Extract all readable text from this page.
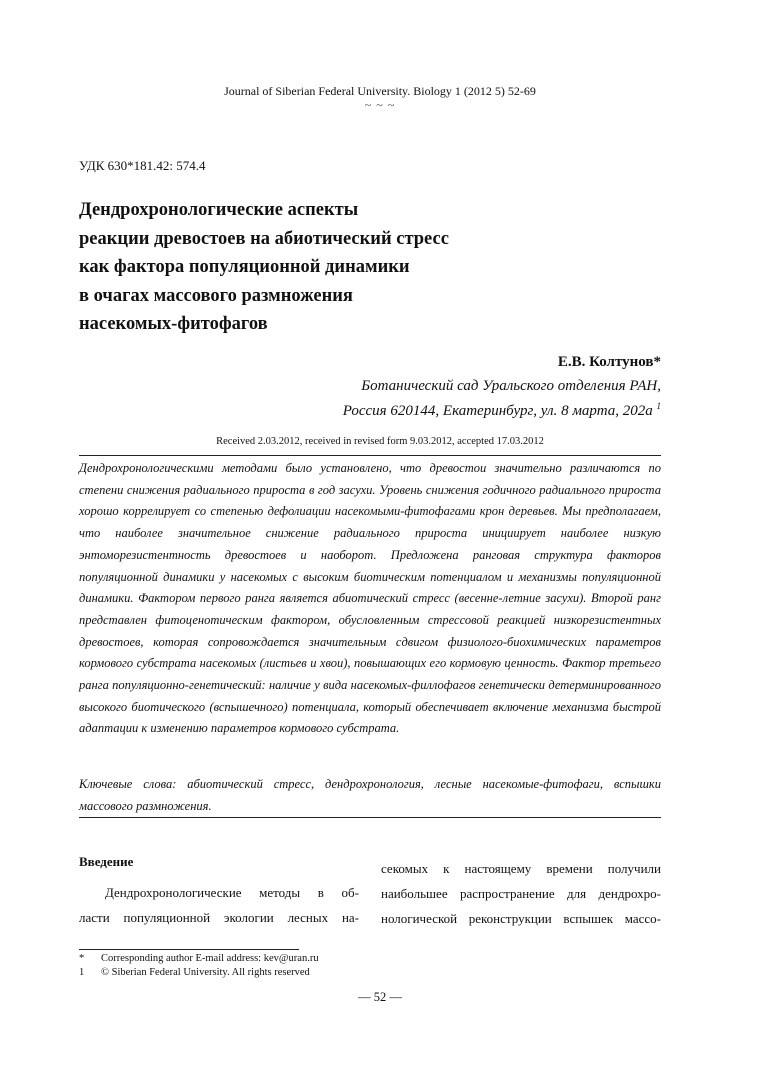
Journal of Siberian Federal University. Biology 1 (2012 5) 52-69
~ ~ ~
УДК 630*181.42: 574.4
Дендрохронологические аспекты
реакции древостоев на абиотический стресс
как фактора популяционной динамики
в очагах массового размножения
насекомых-фитофагов
Е.В. Колтунов*
Ботанический сад Уральского отделения РАН,
Россия 620144, Екатеринбург, ул. 8 марта, 202а $^1$
Received 2.03.2012, received in revised form 9.03.2012, accepted 17.03.2012
Дендрохронологическими методами было установлено, что древостои значительно различаются по степени снижения радиального прироста в год засухи. Уровень снижения годичного радиального прироста хорошо коррелирует со степенью дефолиации насекомыми-фитофагами крон деревьев. Мы предполагаем, что наиболее значительное снижение радиального прироста инициирует наиболее низкую энтоморезистентность древостоев и наоборот. Предложена ранговая структура факторов популяционной динамики у насекомых с высоким биотическим потенциалом и механизмы популяционной динамики. Фактором первого ранга является абиотический стресс (весенне-летние засухи). Второй ранг представлен фитоценотическим фактором, обусловленным стрессовой реакцией низкорезистентных древостоев, которая сопровождается значительным сдвигом физиолого-биохимических параметров кормового субстрата насекомых (листьев и хвои), повышающих его кормовую ценность. Фактор третьего ранга популяционно-генетический: наличие у вида насекомых-филлофагов генетически детерминированного высокого биотического (вспышечного) потенциала, который обеспечивает включение механизма быстрой адаптации к изменению параметров кормового субстрата.
Ключевые слова: абиотический стресс, дендрохронология, лесные насекомые-фитофаги, вспышки массового размножения.
Введение
Дендрохронологические методы в об-
ласти популяционной экологии лесных на-
секомых к настоящему времени получили
наибольшее распространение для дендрохро-
нологической реконструкции вспышек массо-
*	Corresponding author E-mail address: kev@uran.ru
1	© Siberian Federal University. All rights reserved
— 52 —
